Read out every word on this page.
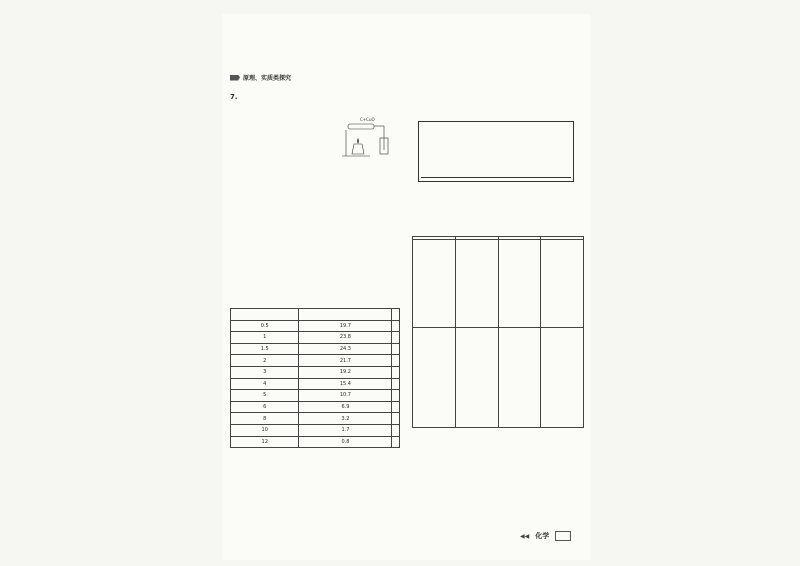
原理、实质类探究
7.

0.5	19.7	
1	23.8	
1.5	24.3	
2	21.7	
3	19.2	
4	15.4	
5	10.7	
6	6.9	
8	3.2	
10	1.7	
12	0.8	
C+CuO

◀◀ 化学
